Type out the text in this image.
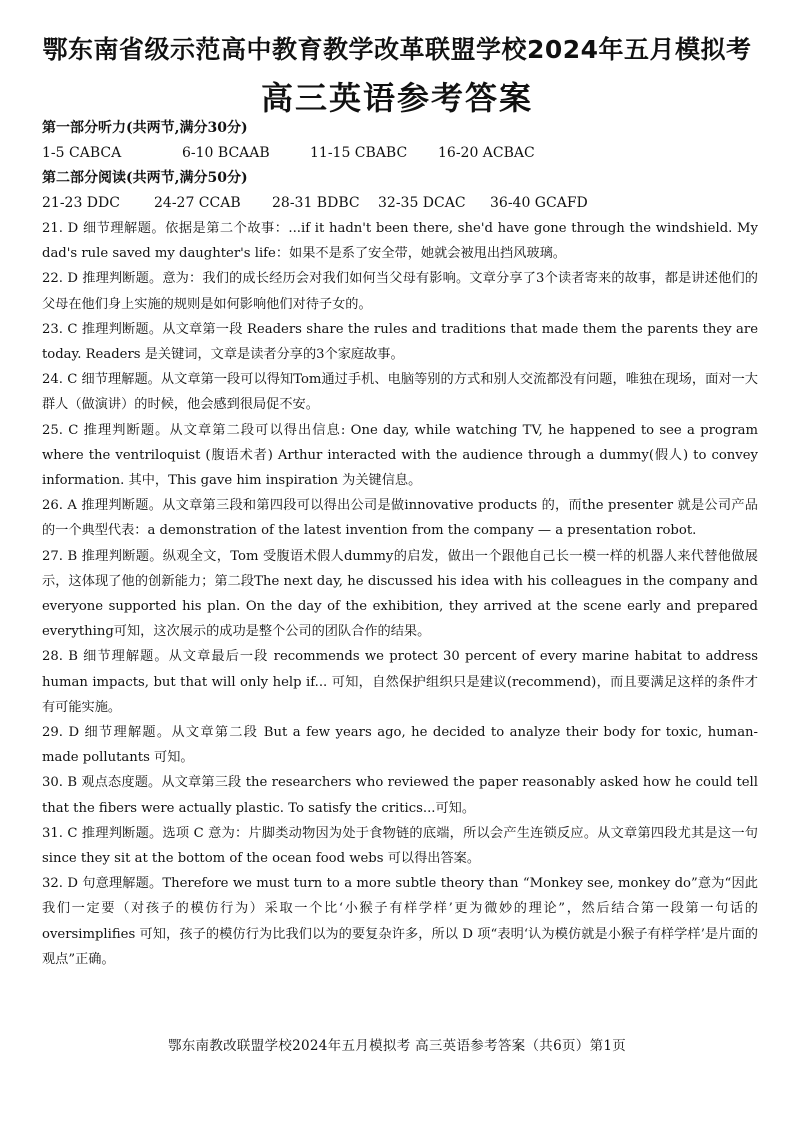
鄂东南省级示范高中教育教学改革联盟学校2024年五月模拟考
高三英语参考答案
第一部分听力(共两节,满分30分)
1-5 CABCA	6-10 BCAAB	11-15 CBABC	16-20 ACBAC
第二部分阅读(共两节,满分50分)
21-23 DDC	24-27 CCAB	28-31 BDBC	32-35 DCAC	36-40 GCAFD

21. D 细节理解题。依据是第二个故事：...if it hadn't been there, she'd have gone through the windshield. My dad's rule saved my daughter's life：如果不是系了安全带，她就会被甩出挡风玻璃。

22. D 推理判断题。意为：我们的成长经历会对我们如何当父母有影响。文章分享了3个读者寄来的故事，都是讲述他们的父母在他们身上实施的规则是如何影响他们对待子女的。

23. C 推理判断题。从文章第一段 Readers share the rules and traditions that made them the parents they are today. Readers 是关键词，文章是读者分享的3个家庭故事。

24. C 细节理解题。从文章第一段可以得知Tom通过手机、电脑等别的方式和别人交流都没有问题，唯独在现场，面对一大群人（做演讲）的时候，他会感到很局促不安。

25. C 推理判断题。从文章第二段可以得出信息: One day, while watching TV, he happened to see a program where the ventriloquist (腹语术者) Arthur interacted with the audience through a dummy(假人) to convey information. 其中，This gave him inspiration 为关键信息。

26. A 推理判断题。从文章第三段和第四段可以得出公司是做innovative products 的，而the presenter 就是公司产品的一个典型代表：a demonstration of the latest invention from the company — a presentation robot.

27. B 推理判断题。纵观全文，Tom 受腹语术假人dummy的启发，做出一个跟他自己长一模一样的机器人来代替他做展示，这体现了他的创新能力；第二段The next day, he discussed his idea with his colleagues in the company and everyone supported his plan. On the day of the exhibition, they arrived at the scene early and prepared everything可知，这次展示的成功是整个公司的团队合作的结果。

28. B 细节理解题。从文章最后一段 recommends we protect 30 percent of every marine habitat to address human impacts, but that will only help if... 可知，自然保护组织只是建议(recommend)，而且要满足这样的条件才有可能实施。

29. D 细节理解题。从文章第二段 But a few years ago, he decided to analyze their body for toxic, human-made pollutants 可知。

30. B 观点态度题。从文章第三段 the researchers who reviewed the paper reasonably asked how he could tell that the fibers were actually plastic. To satisfy the critics...可知。

31. C 推理判断题。选项 C 意为：片脚类动物因为处于食物链的底端，所以会产生连锁反应。从文章第四段尤其是这一句 since they sit at the bottom of the ocean food webs 可以得出答案。

32. D 句意理解题。Therefore we must turn to a more subtle theory than “Monkey see, monkey do”意为“因此我们一定要（对孩子的模仿行为）采取一个比‘小猴子有样学样’更为微妙的理论”，然后结合第一段第一句话的 oversimplifies 可知，孩子的模仿行为比我们以为的要复杂许多，所以 D 项“表明‘认为模仿就是小猴子有样学样’是片面的观点”正确。

鄂东南教改联盟学校2024年五月模拟考 高三英语参考答案（共6页）第1页
